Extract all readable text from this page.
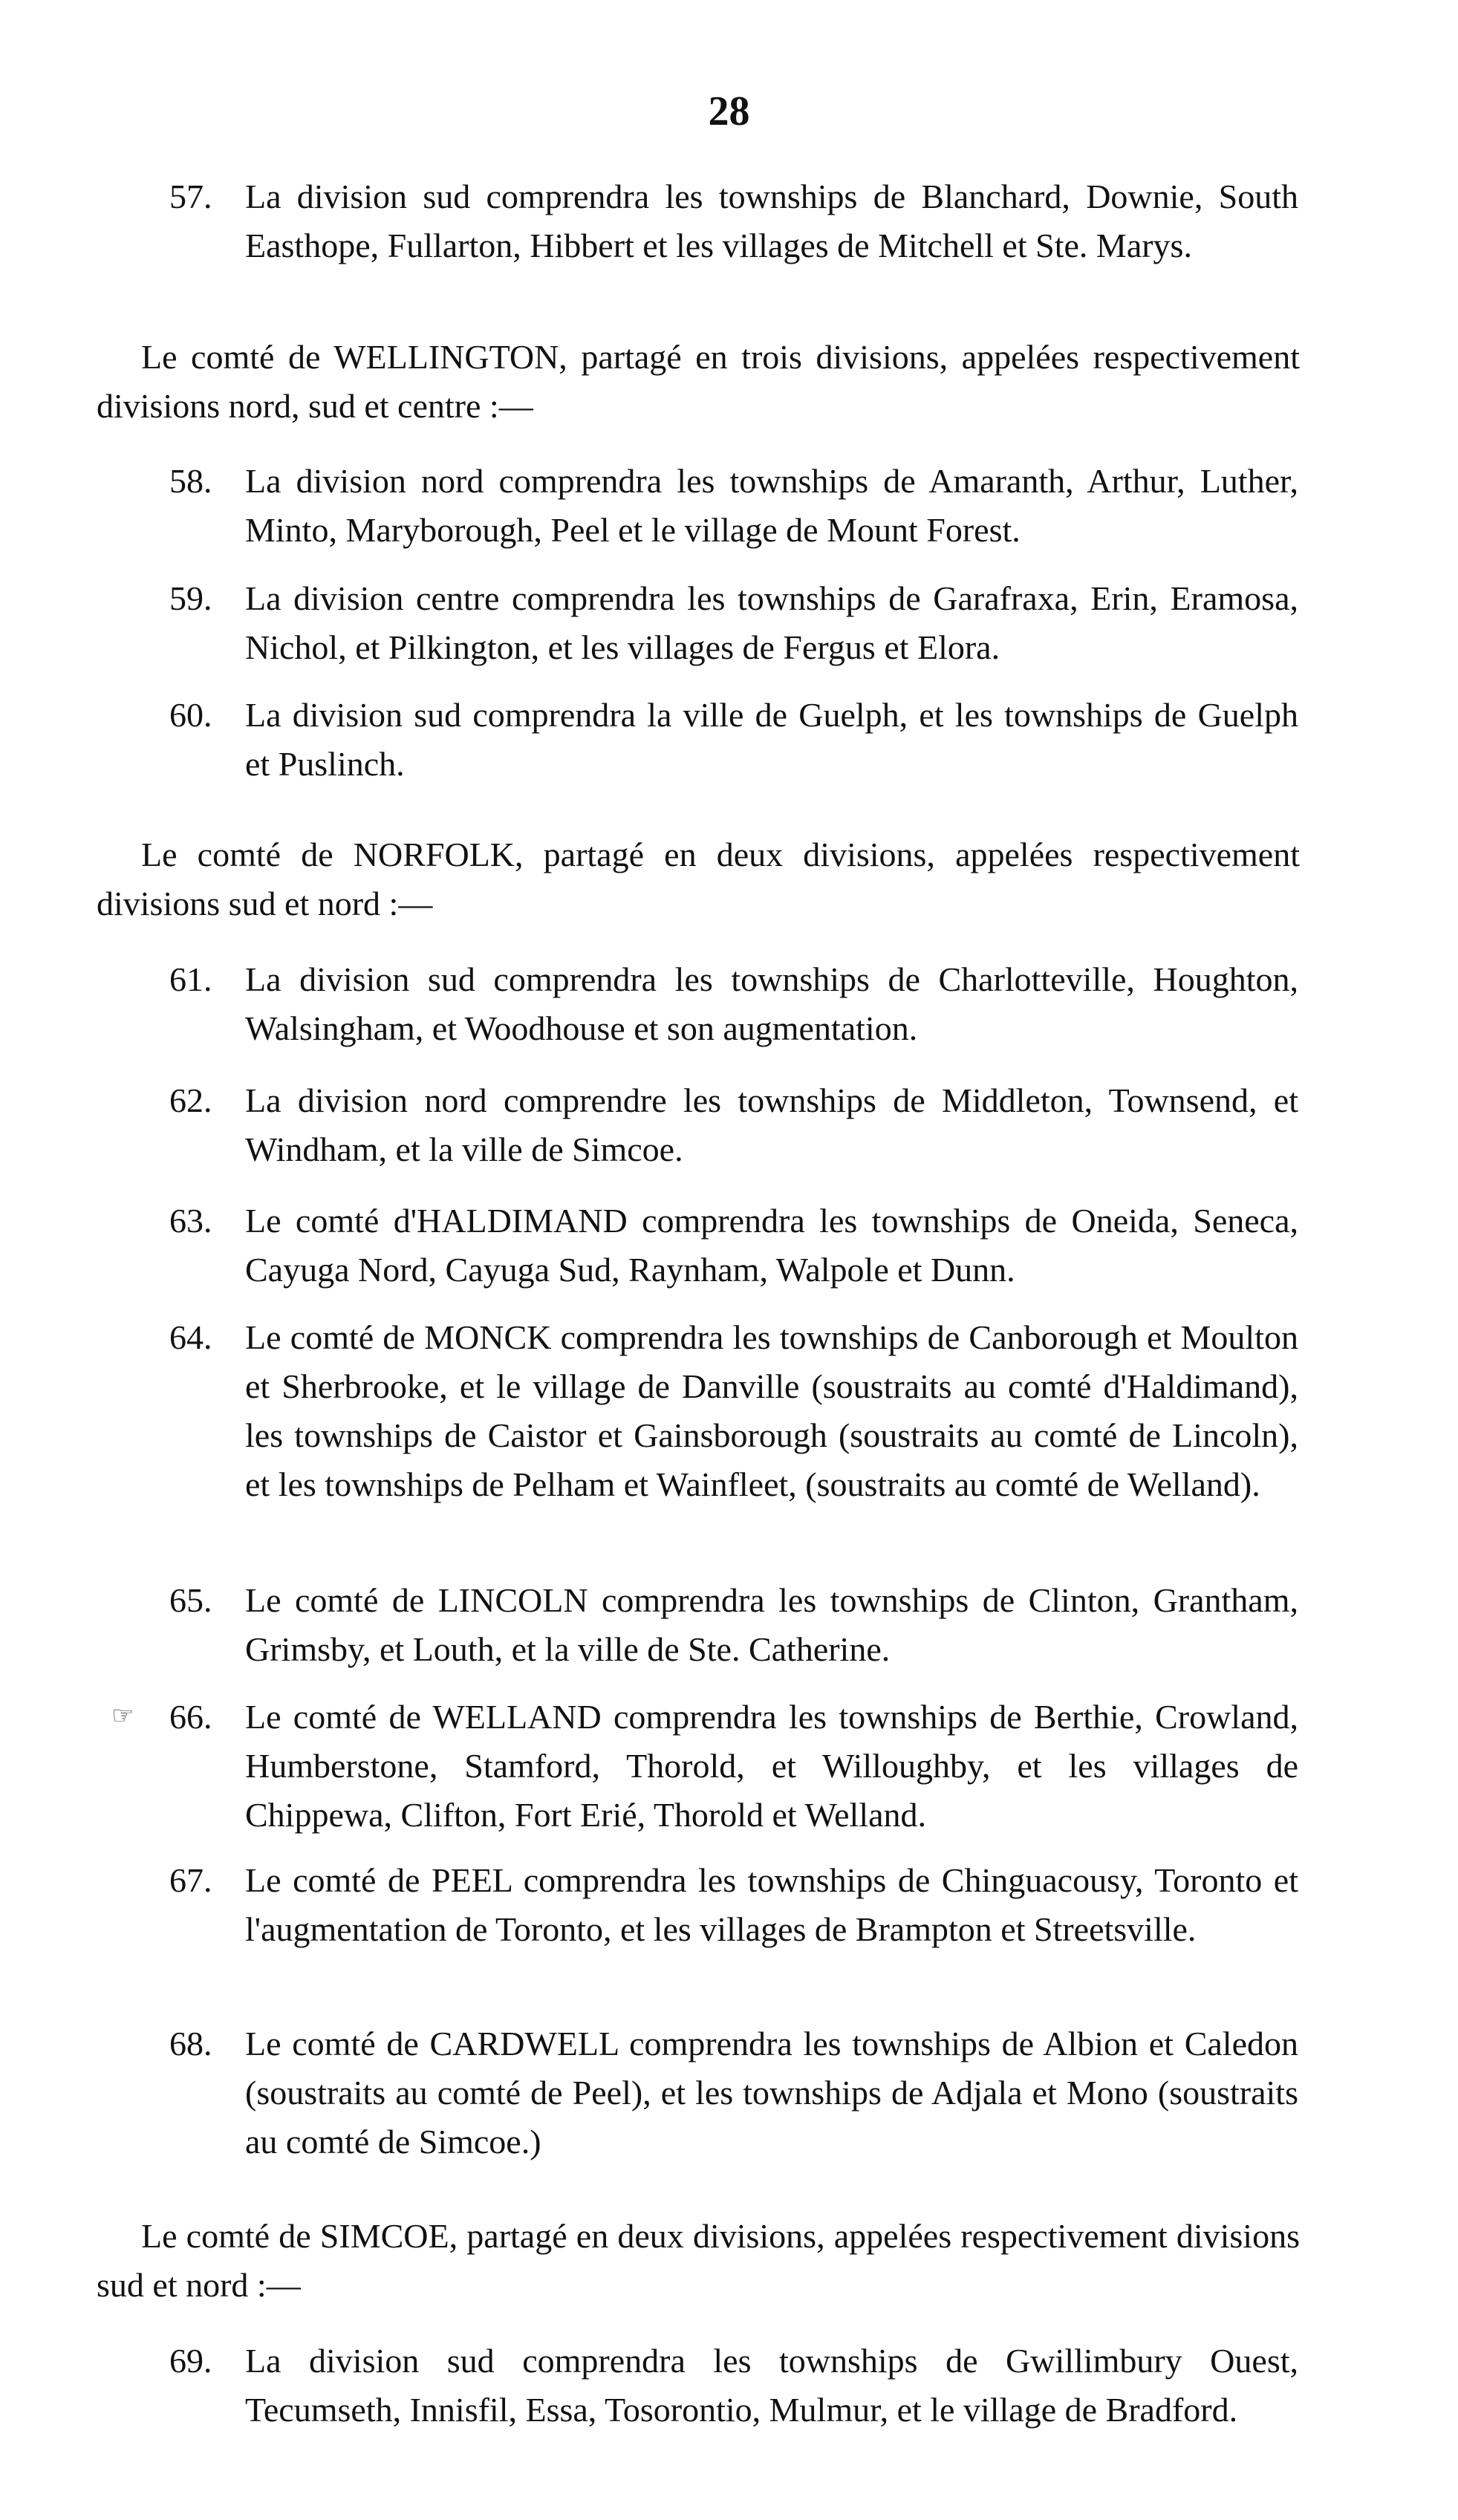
28
57. La division sud comprendra les townships de Blanchard, Downie, South Easthope, Fullarton, Hibbert et les villages de Mitchell et Ste. Marys.
Le comté de WELLINGTON, partagé en trois divisions, appelées respectivement divisions nord, sud et centre :—
58. La division nord comprendra les townships de Amaranth, Arthur, Luther, Minto, Maryborough, Peel et le village de Mount Forest.
59. La division centre comprendra les townships de Garafraxa, Erin, Eramosa, Nichol, et Pilkington, et les villages de Fergus et Elora.
60. La division sud comprendra la ville de Guelph, et les townships de Guelph et Puslinch.
Le comté de NORFOLK, partagé en deux divisions, appelées respectivement divisions sud et nord :—
61. La division sud comprendra les townships de Charlotteville, Houghton, Walsingham, et Woodhouse et son augmentation.
62. La division nord comprendre les townships de Middleton, Townsend, et Windham, et la ville de Simcoe.
63. Le comté d'HALDIMAND comprendra les townships de Oneida, Seneca, Cayuga Nord, Cayuga Sud, Raynham, Walpole et Dunn.
64. Le comté de MONCK comprendra les townships de Canborough et Moulton et Sherbrooke, et le village de Danville (soustraits au comté d'Haldimand), les townships de Caistor et Gainsborough (soustraits au comté de Lincoln), et les townships de Pelham et Wainfleet, (soustraits au comté de Welland).
65. Le comté de LINCOLN comprendra les townships de Clinton, Grantham, Grimsby, et Louth, et la ville de Ste. Catherine.
☞ 66. Le comté de WELLAND comprendra les townships de Berthie, Crowland, Humberstone, Stamford, Thorold, et Willoughby, et les villages de Chippewa, Clifton, Fort Erié, Thorold et Welland.
67. Le comté de PEEL comprendra les townships de Chinguacousy, Toronto et l'augmentation de Toronto, et les villages de Brampton et Streetsville.
68. Le comté de CARDWELL comprendra les townships de Albion et Caledon (soustraits au comté de Peel), et les townships de Adjala et Mono (soustraits au comté de Simcoe.)
Le comté de SIMCOE, partagé en deux divisions, appelées respectivement divisions sud et nord :—
69. La division sud comprendra les townships de Gwillimbury Ouest, Tecumseth, Innisfil, Essa, Tosorontio, Mulmur, et le village de Bradford.
